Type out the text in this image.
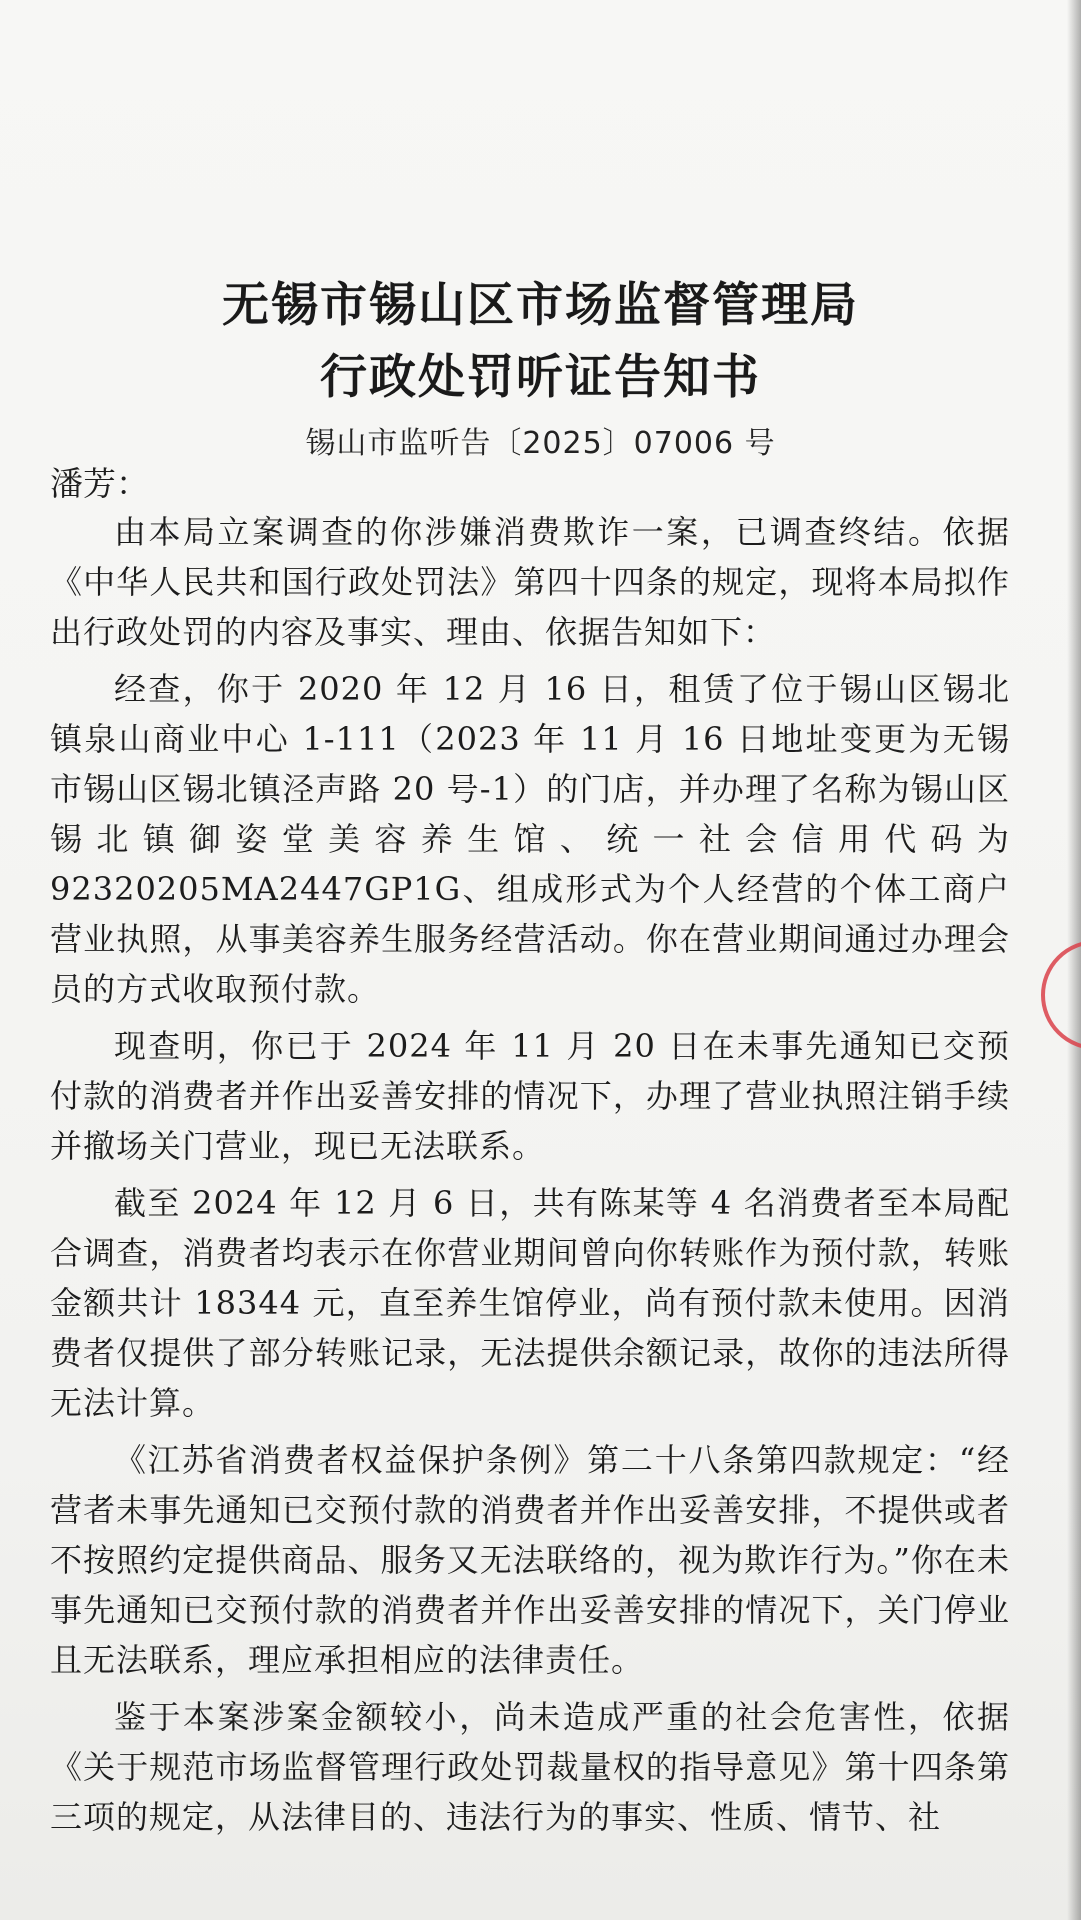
无锡市锡山区市场监督管理局
行政处罚听证告知书
锡山市监听告〔2025〕07006 号
潘芳：

由本局立案调查的你涉嫌消费欺诈一案，已调查终结。依据《中华人民共和国行政处罚法》第四十四条的规定，现将本局拟作出行政处罚的内容及事实、理由、依据告知如下：

经查，你于 2020 年 12 月 16 日，租赁了位于锡山区锡北镇泉山商业中心 1-111（2023 年 11 月 16 日地址变更为无锡市锡山区锡北镇泾声路 20 号-1）的门店，并办理了名称为锡山区锡北镇御姿堂美容养生馆、统一社会信用代码为 92320205MA2447GP1G、组成形式为个人经营的个体工商户营业执照，从事美容养生服务经营活动。你在营业期间通过办理会员的方式收取预付款。

现查明，你已于 2024 年 11 月 20 日在未事先通知已交预付款的消费者并作出妥善安排的情况下，办理了营业执照注销手续并撤场关门营业，现已无法联系。

截至 2024 年 12 月 6 日，共有陈某等 4 名消费者至本局配合调查，消费者均表示在你营业期间曾向你转账作为预付款，转账金额共计 18344 元，直至养生馆停业，尚有预付款未使用。因消费者仅提供了部分转账记录，无法提供余额记录，故你的违法所得无法计算。

《江苏省消费者权益保护条例》第二十八条第四款规定：“经营者未事先通知已交预付款的消费者并作出妥善安排，不提供或者不按照约定提供商品、服务又无法联络的，视为欺诈行为。”你在未事先通知已交预付款的消费者并作出妥善安排的情况下，关门停业且无法联系，理应承担相应的法律责任。

鉴于本案涉案金额较小，尚未造成严重的社会危害性，依据《关于规范市场监督管理行政处罚裁量权的指导意见》第十四条第三项的规定，从法律目的、违法行为的事实、性质、情节、社
